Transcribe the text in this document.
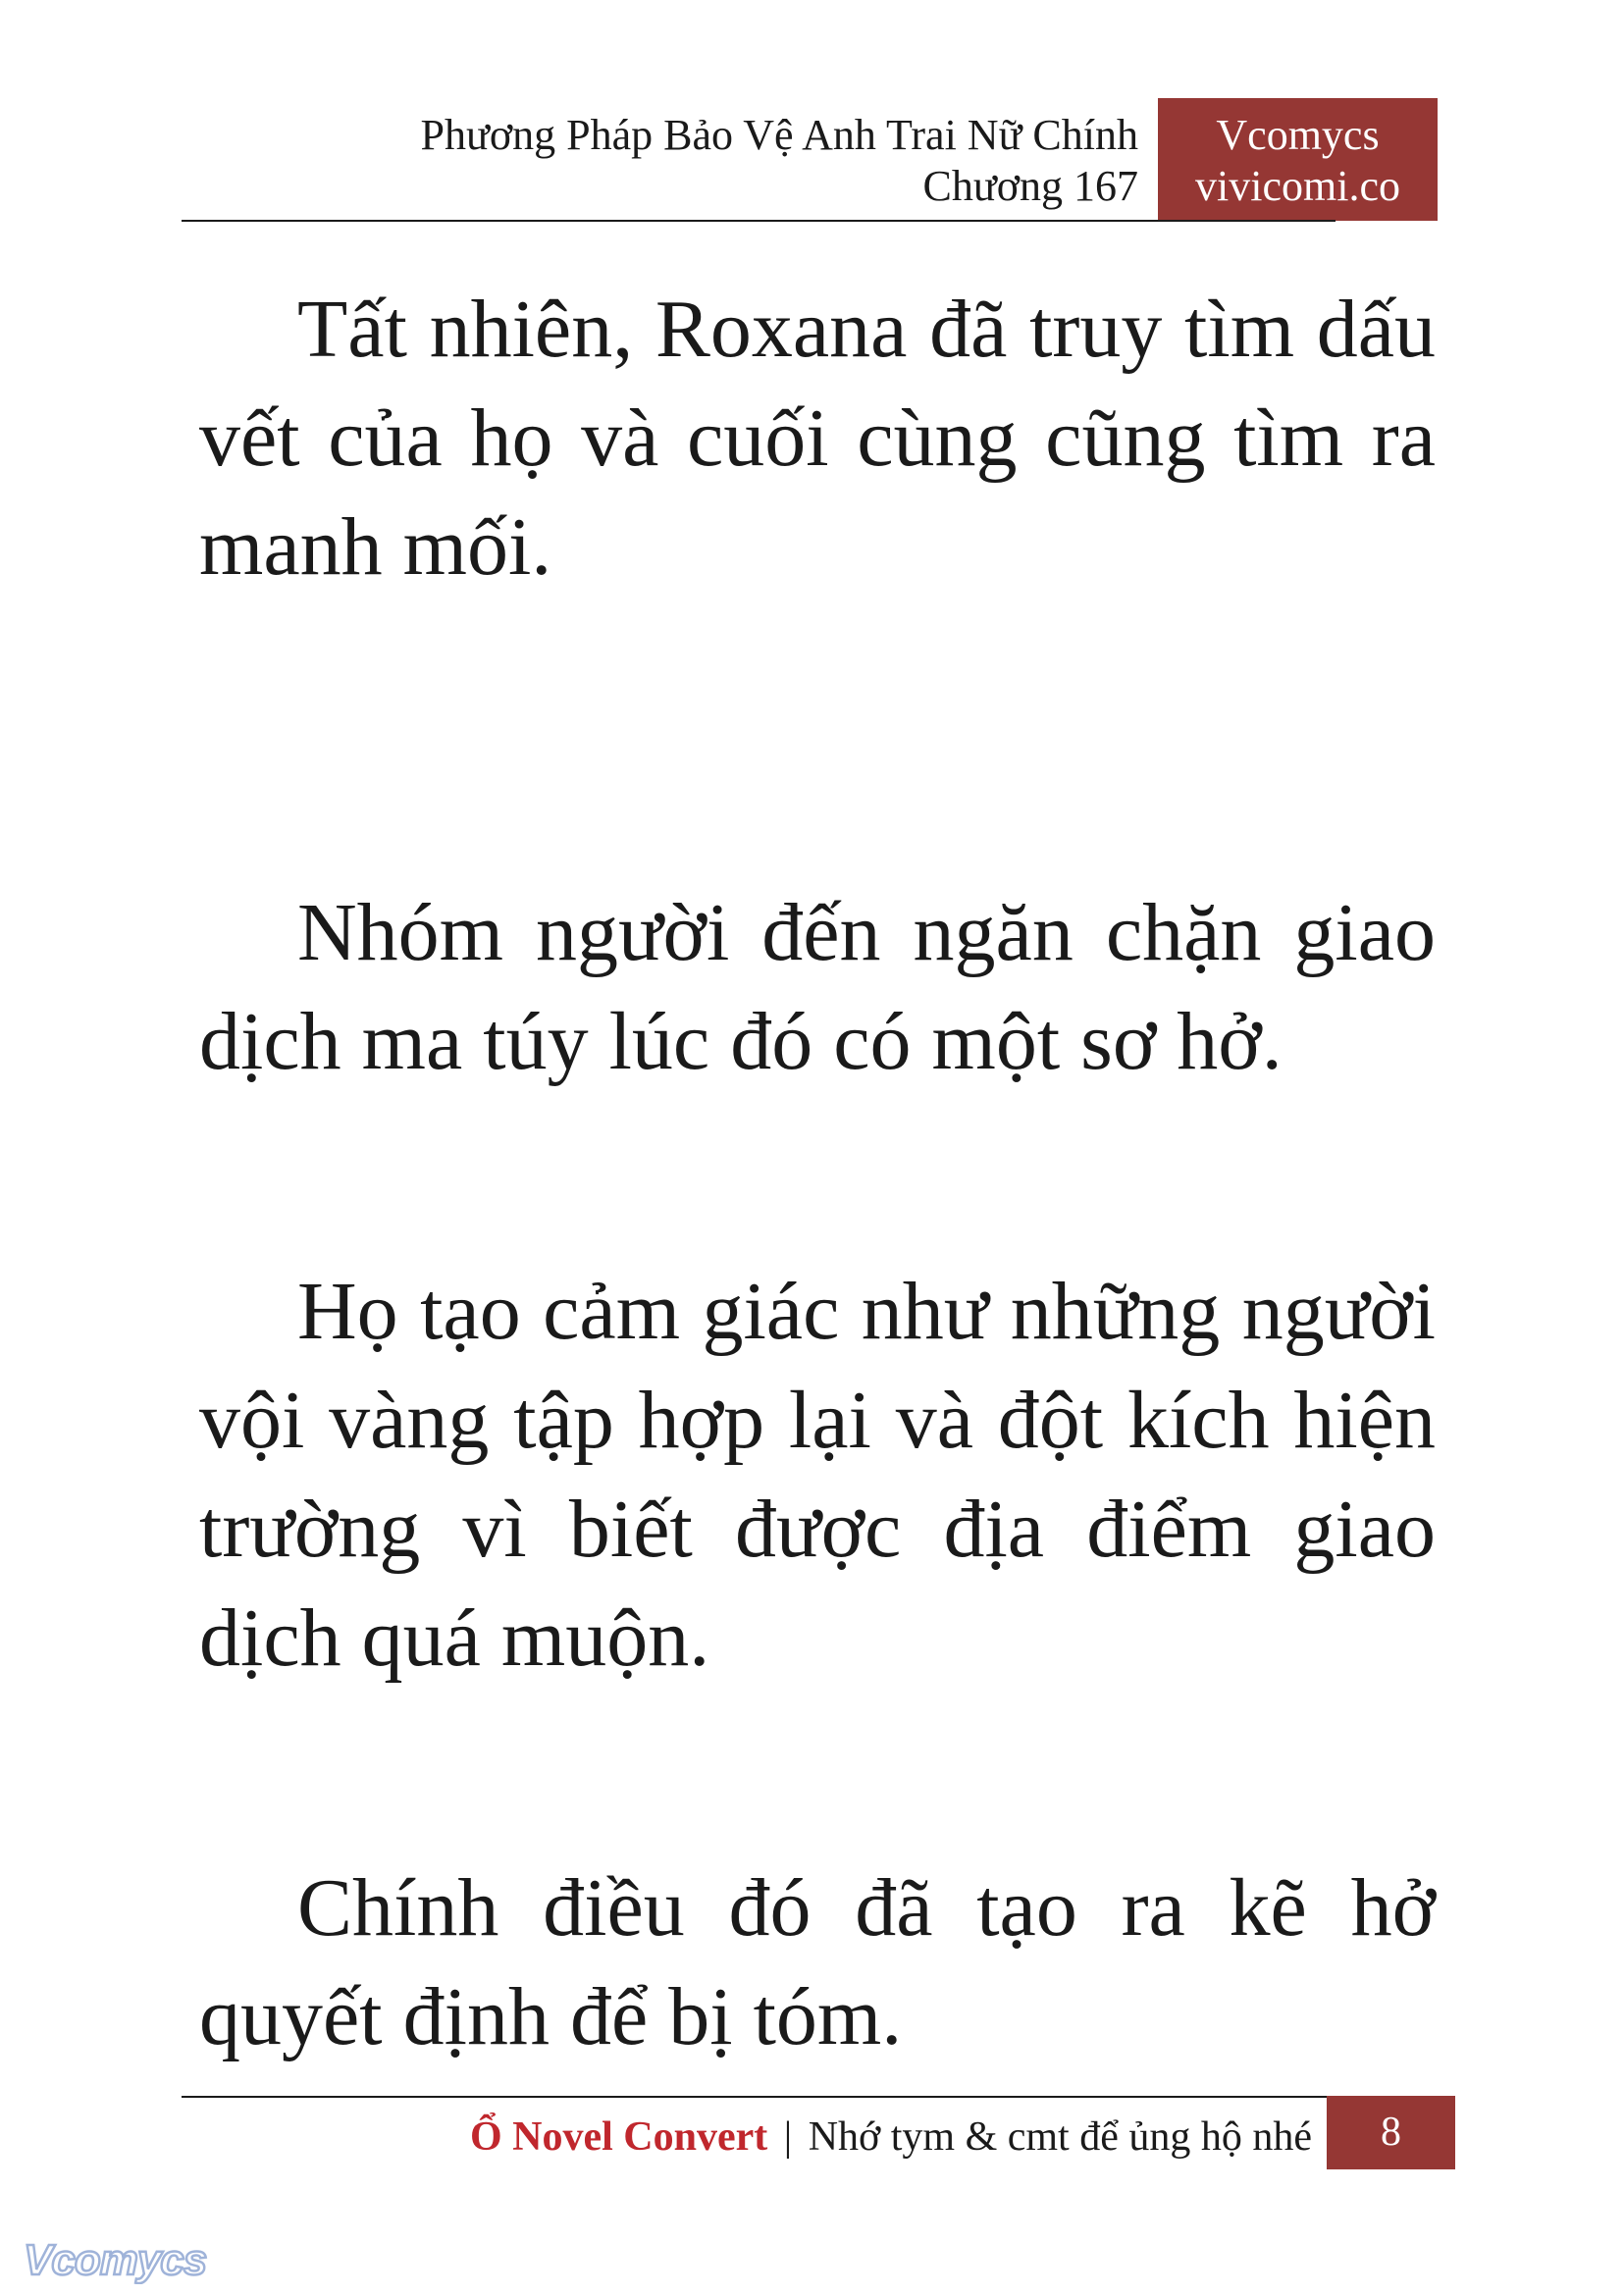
Phương Pháp Bảo Vệ Anh Trai Nữ Chính
Chương 167
Vcomycs
vivicomi.co

Tất nhiên, Roxana đã truy tìm dấu vết của họ và cuối cùng cũng tìm ra manh mối.

Nhóm người đến ngăn chặn giao dịch ma túy lúc đó có một sơ hở.

Họ tạo cảm giác như những người vội vàng tập hợp lại và đột kích hiện trường vì biết được địa điểm giao dịch quá muộn.

Chính điều đó đã tạo ra kẽ hở quyết định để bị tóm.

Ổ Novel Convert | Nhớ tym & cmt để ủng hộ nhé	8
Vcomycs
